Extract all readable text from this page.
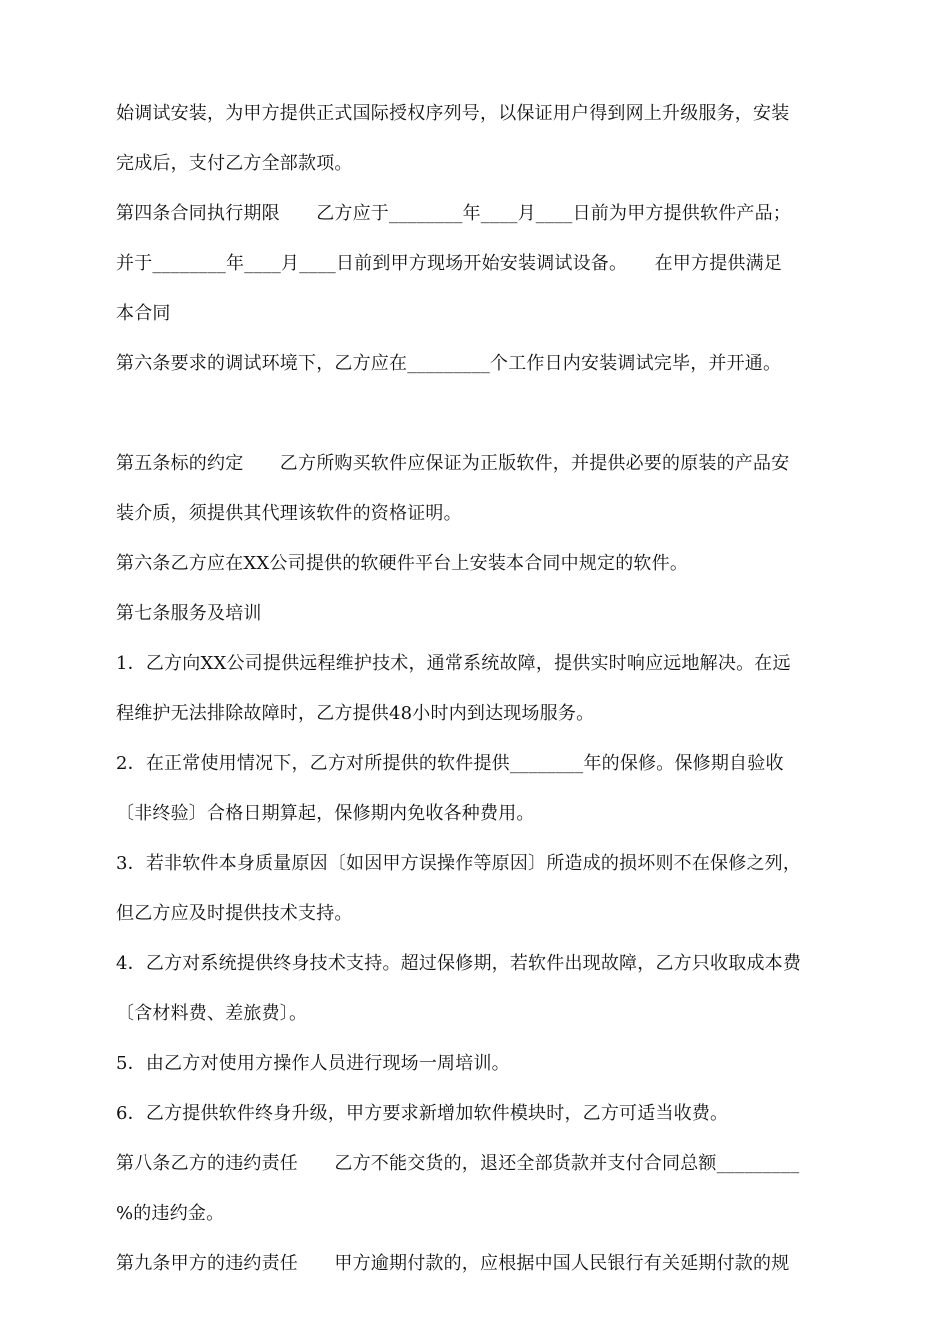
始调试安装，为甲方提供正式国际授权序列号，以保证用户得到网上升级服务，安装
完成后，支付乙方全部款项。
第四条合同执行期限　　乙方应于________年____月____日前为甲方提供软件产品；
并于________年____月____日前到甲方现场开始安装调试设备。　　在甲方提供满足
本合同
第六条要求的调试环境下，乙方应在_________个工作日内安装调试完毕，并开通。
第五条标的约定　　乙方所购买软件应保证为正版软件，并提供必要的原装的产品安
装介质，须提供其代理该软件的资格证明。
第六条乙方应在XX公司提供的软硬件平台上安装本合同中规定的软件。
第七条服务及培训
1．乙方向XX公司提供远程维护技术，通常系统故障，提供实时响应远地解决。在远
程维护无法排除故障时，乙方提供48小时内到达现场服务。
2．在正常使用情况下，乙方对所提供的软件提供________年的保修。保修期自验收
〔非终验〕合格日期算起，保修期内免收各种费用。
3．若非软件本身质量原因〔如因甲方误操作等原因〕所造成的损坏则不在保修之列，
但乙方应及时提供技术支持。
4．乙方对系统提供终身技术支持。超过保修期，若软件出现故障，乙方只收取成本费
〔含材料费、差旅费〕。
5．由乙方对使用方操作人员进行现场一周培训。
6．乙方提供软件终身升级，甲方要求新增加软件模块时，乙方可适当收费。
第八条乙方的违约责任　　乙方不能交货的，退还全部货款并支付合同总额_________
%的违约金。
第九条甲方的违约责任　　甲方逾期付款的，应根据中国人民银行有关延期付款的规
